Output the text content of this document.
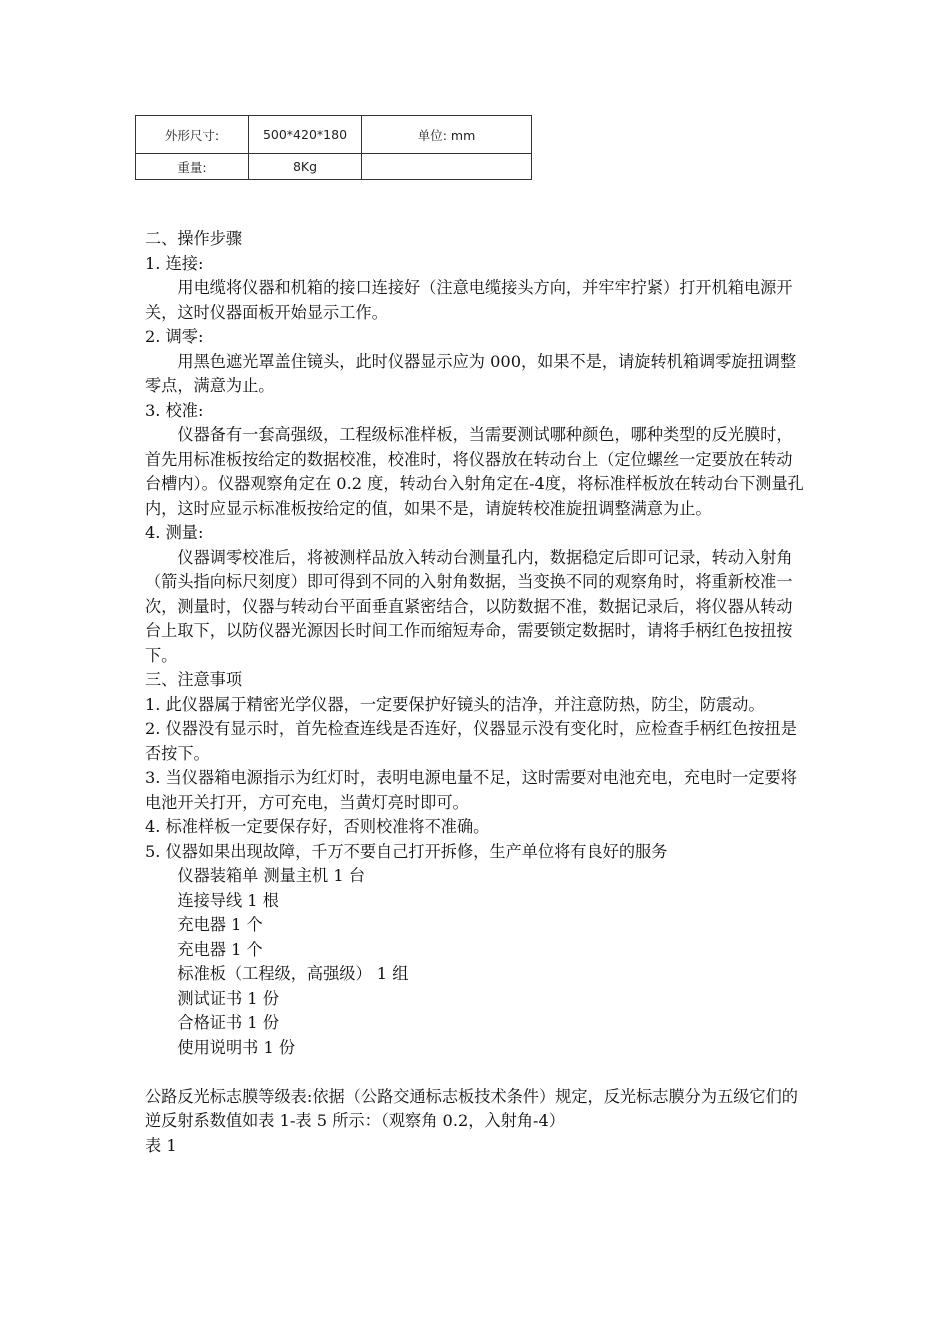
外形尺寸:	500*420*180	单位: mm
重量:	8Kg	

二、操作步骤

1. 连接:

用电缆将仪器和机箱的接口连接好（注意电缆接头方向，并牢牢拧紧）打开机箱电源开关，这时仪器面板开始显示工作。

2. 调零:

用黑色遮光罩盖住镜头，此时仪器显示应为 000，如果不是，请旋转机箱调零旋扭调整零点，满意为止。

3. 校准:

仪器备有一套高强级，工程级标准样板，当需要测试哪种颜色，哪种类型的反光膜时，首先用标准板按给定的数据校准，校准时，将仪器放在转动台上（定位螺丝一定要放在转动台槽内）。仪器观察角定在 0.2 度，转动台入射角定在-4度，将标准样板放在转动台下测量孔内，这时应显示标准板按给定的值，如果不是，请旋转校准旋扭调整满意为止。

4. 测量:

仪器调零校准后，将被测样品放入转动台测量孔内，数据稳定后即可记录，转动入射角（箭头指向标尺刻度）即可得到不同的入射角数据，当变换不同的观察角时，将重新校准一次，测量时，仪器与转动台平面垂直紧密结合，以防数据不准，数据记录后，将仪器从转动台上取下，以防仪器光源因长时间工作而缩短寿命，需要锁定数据时，请将手柄红色按扭按下。

三、注意事项

1. 此仪器属于精密光学仪器，一定要保护好镜头的洁净，并注意防热，防尘，防震动。

2. 仪器没有显示时，首先检查连线是否连好，仪器显示没有变化时，应检查手柄红色按扭是否按下。

3. 当仪器箱电源指示为红灯时，表明电源电量不足，这时需要对电池充电，充电时一定要将电池开关打开，方可充电，当黄灯亮时即可。

4. 标准样板一定要保存好，否则校准将不准确。

5. 仪器如果出现故障，千万不要自己打开拆修，生产单位将有良好的服务

仪器装箱单 测量主机 1 台

连接导线 1 根

充电器 1 个

充电器 1 个

标准板（工程级，高强级） 1 组

测试证书 1 份

合格证书 1 份

使用说明书 1 份

公路反光标志膜等级表:依据（公路交通标志板技术条件）规定，反光标志膜分为五级它们的逆反射系数值如表 1-表 5 所示：（观察角 0.2，入射角-4）

表 1
